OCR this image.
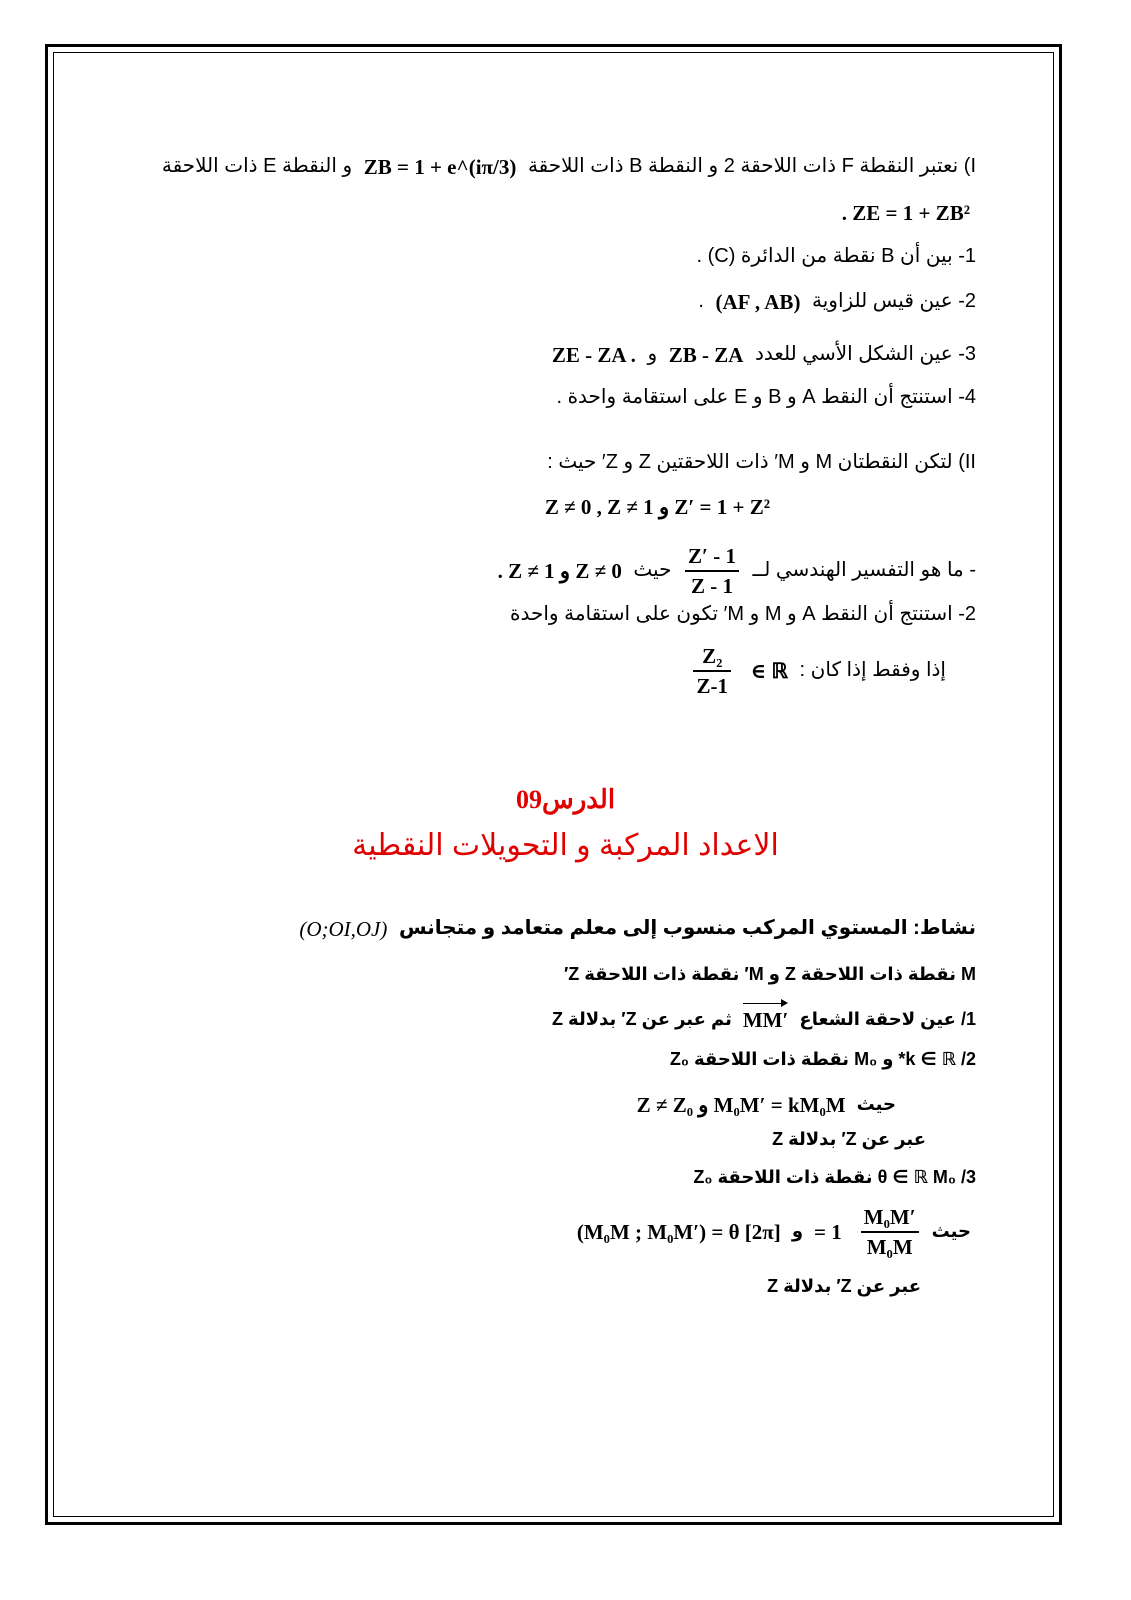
I) نعتبر النقطة F ذات اللاحقة 2 و النقطة B ذات اللاحقة ZB = 1 + e^(iπ/3) و النقطة E ذات اللاحقة
. ZE = 1 + ZB²
1- بين أن B نقطة من الدائرة (C) .
2- عين قيس للزاوية (AF , AB) .
3- عين الشكل الأسي للعدد ZB - ZA و ZE - ZA .
4- استنتج أن النقط A و B و E على استقامة واحدة .
II) لتكن النقطتان M و M′ ذات اللاحقتين Z و Z′ حيث :
Z ≠ 0 , Z ≠ 1 و Z′ = 1 + Z²
- ما هو التفسير الهندسي لــ
$\frac{Z' - 1}{Z - 1}$
حيث . Z ≠ 1 و Z ≠ 0
2- استنتج أن النقط A و M و M′ تكون على استقامة واحدة
إذا وفقط إذا كان : ∈ ℝ
$\frac{\text{Z₂}}{Z-1}$
الدرس09
الاعداد المركبة و التحويلات النقطية
نشاط: المستوي المركب منسوب إلى معلم متعامد و متجانس (O;OI,OJ)
M نقطة ذات اللاحقة Z و M′ نقطة ذات اللاحقة Z′
1/ عين لاحقة الشعاع MM′ ثم عبر عن Z′ بدلالة Z
2/ k ∈ ℝ* و M₀ نقطة ذات اللاحقة Z₀
حيث Z ≠ Z₀ و M₀M′ = kM₀M
عبر عن Z′ بدلالة Z
3/ θ ∈ ℝ M₀ نقطة ذات اللاحقة Z₀
حيث
$\frac{\text{M₀M′}}{\text{M₀M}}$
= 1 و (M₀M ; M₀M′) = θ [2π]
عبر عن Z′ بدلالة Z
